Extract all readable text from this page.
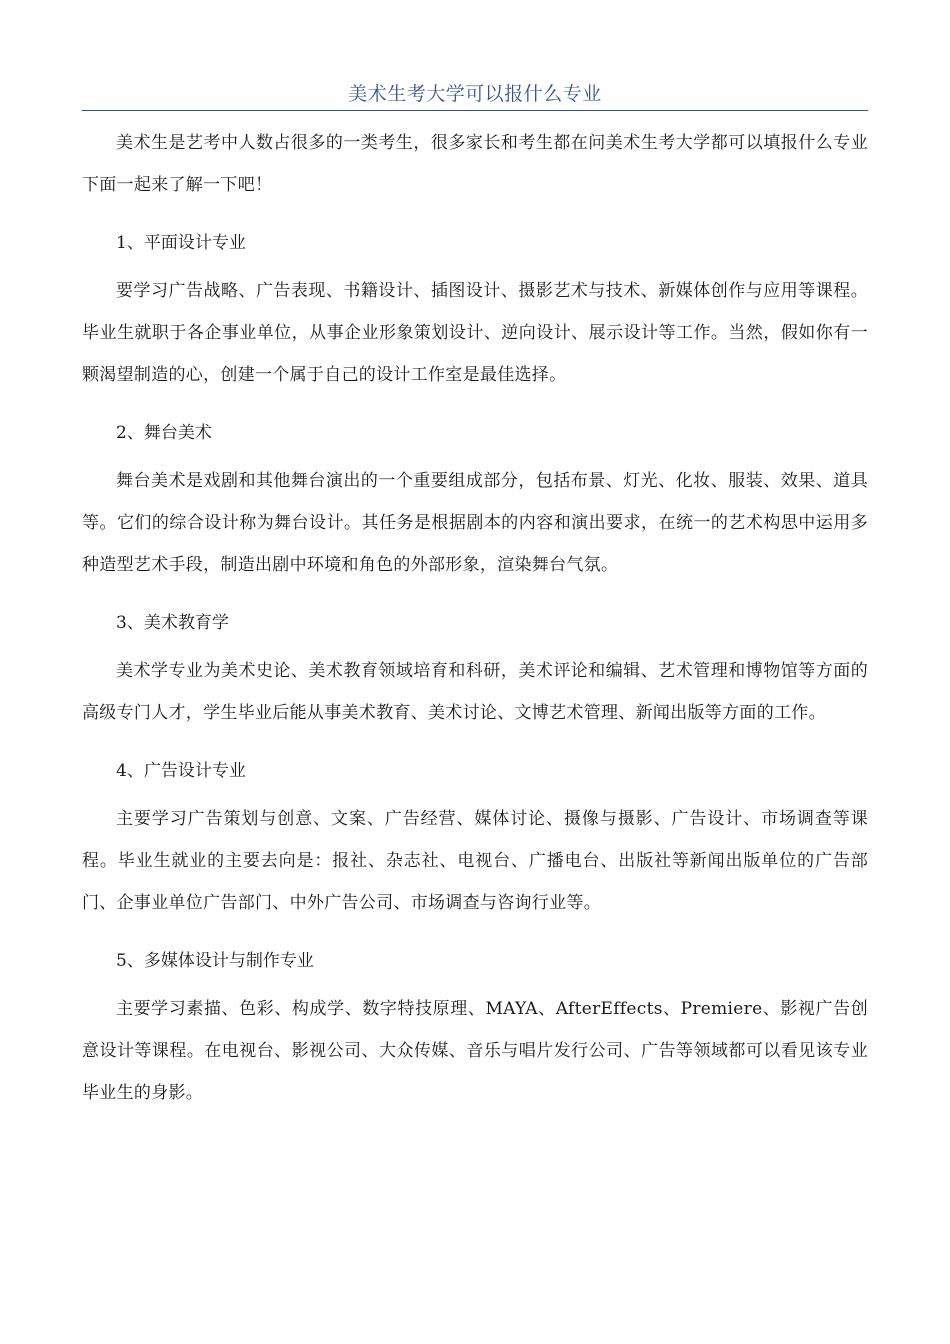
美术生考大学可以报什么专业

美术生是艺考中人数占很多的一类考生，很多家长和考生都在问美术生考大学都可以填报什么专业下面一起来了解一下吧！

1、平面设计专业

要学习广告战略、广告表现、书籍设计、插图设计、摄影艺术与技术、新媒体创作与应用等课程。毕业生就职于各企事业单位，从事企业形象策划设计、逆向设计、展示设计等工作。当然，假如你有一颗渴望制造的心，创建一个属于自己的设计工作室是最佳选择。

2、舞台美术

舞台美术是戏剧和其他舞台演出的一个重要组成部分，包括布景、灯光、化妆、服装、效果、道具等。它们的综合设计称为舞台设计。其任务是根据剧本的内容和演出要求，在统一的艺术构思中运用多种造型艺术手段，制造出剧中环境和角色的外部形象，渲染舞台气氛。

3、美术教育学

美术学专业为美术史论、美术教育领域培育和科研，美术评论和编辑、艺术管理和博物馆等方面的高级专门人才，学生毕业后能从事美术教育、美术讨论、文博艺术管理、新闻出版等方面的工作。

4、广告设计专业

主要学习广告策划与创意、文案、广告经营、媒体讨论、摄像与摄影、广告设计、市场调查等课程。毕业生就业的主要去向是：报社、杂志社、电视台、广播电台、出版社等新闻出版单位的广告部门、企事业单位广告部门、中外广告公司、市场调查与咨询行业等。

5、多媒体设计与制作专业

主要学习素描、色彩、构成学、数字特技原理、MAYA、AfterEffects、Premiere、影视广告创意设计等课程。在电视台、影视公司、大众传媒、音乐与唱片发行公司、广告等领域都可以看见该专业毕业生的身影。
